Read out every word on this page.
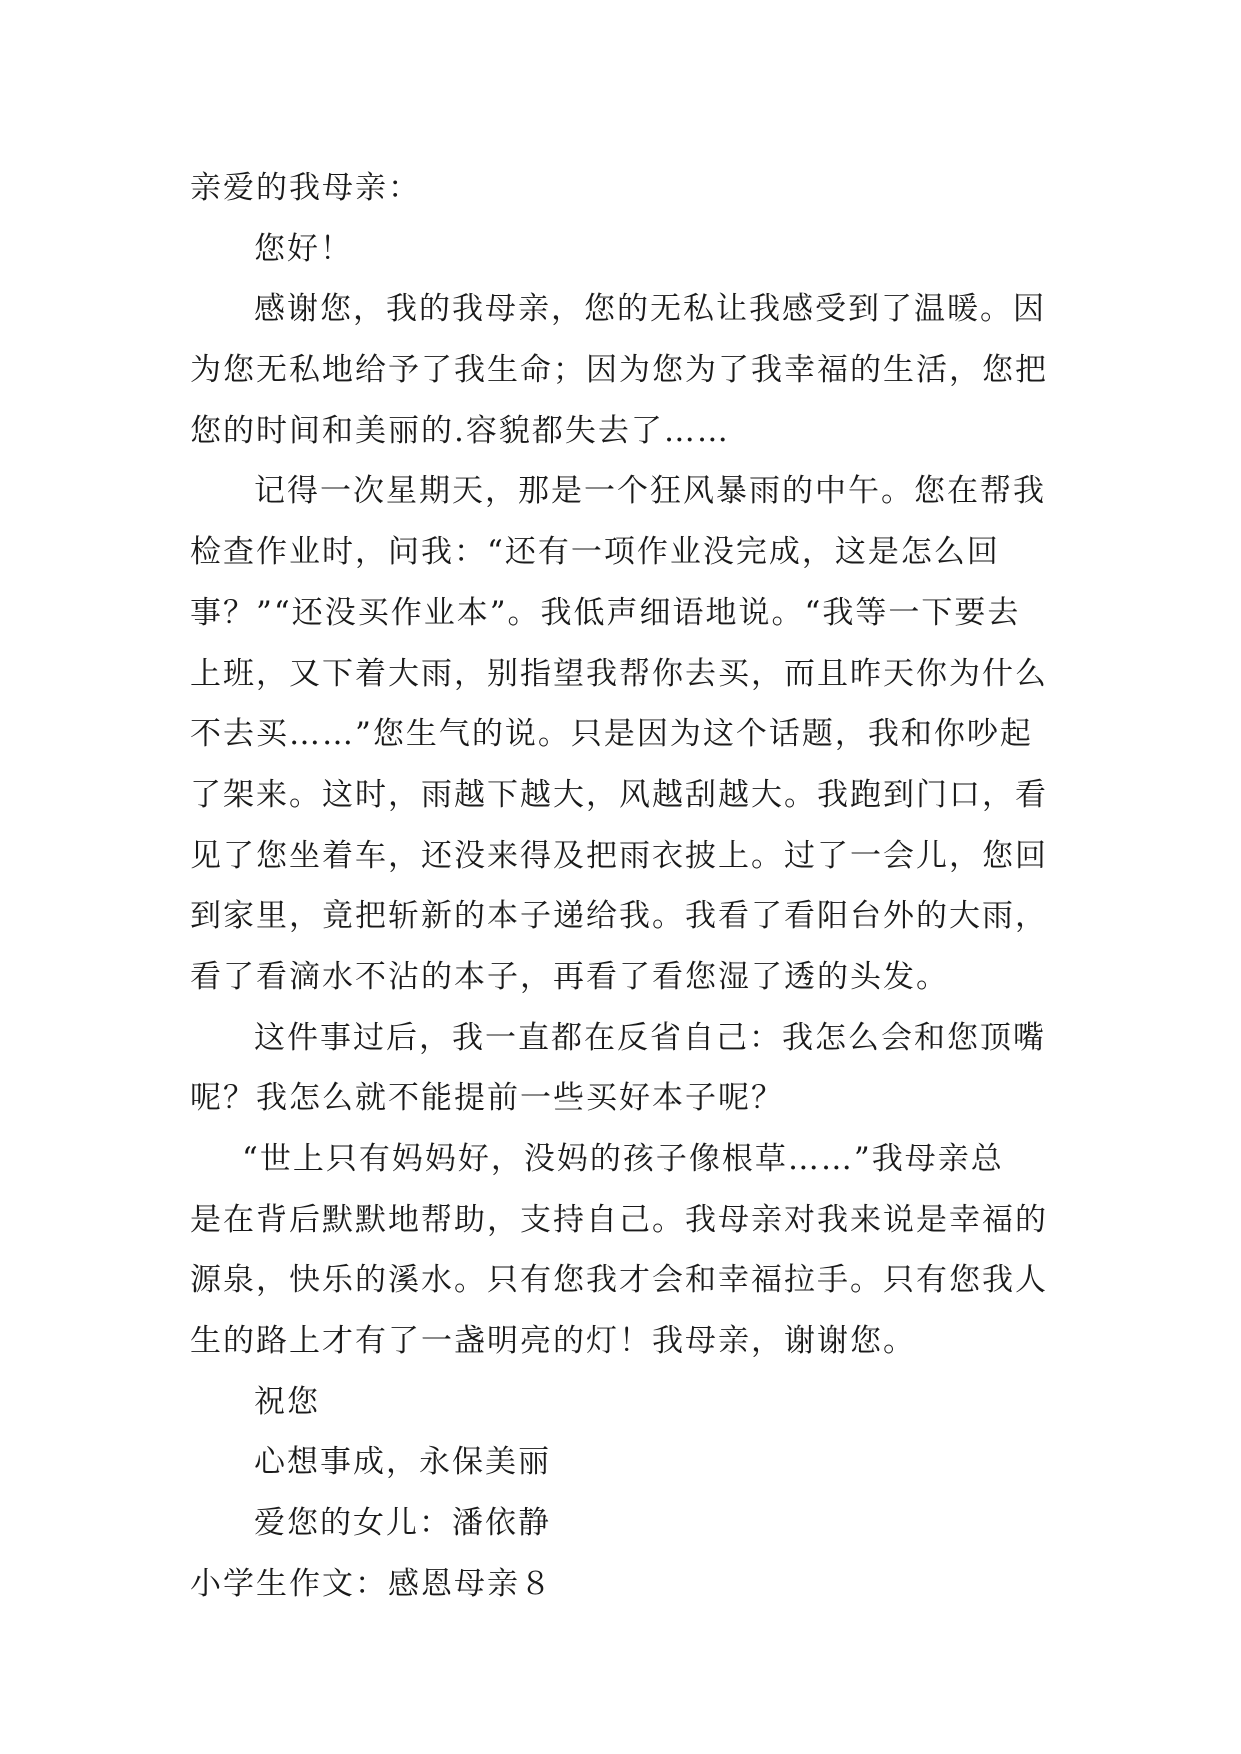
亲爱的我母亲：
您好！
感谢您，我的我母亲，您的无私让我感受到了温暖。因
为您无私地给予了我生命；因为您为了我幸福的生活，您把
您的时间和美丽的.容貌都失去了……
记得一次星期天，那是一个狂风暴雨的中午。您在帮我
检查作业时，问我：“还有一项作业没完成，这是怎么回
事？”“还没买作业本”。我低声细语地说。“我等一下要去
上班，又下着大雨，别指望我帮你去买，而且昨天你为什么
不去买……”您生气的说。只是因为这个话题，我和你吵起
了架来。这时，雨越下越大，风越刮越大。我跑到门口，看
见了您坐着车，还没来得及把雨衣披上。过了一会儿，您回
到家里，竟把斩新的本子递给我。我看了看阳台外的大雨，
看了看滴水不沾的本子，再看了看您湿了透的头发。
这件事过后，我一直都在反省自己：我怎么会和您顶嘴
呢？我怎么就不能提前一些买好本子呢？
“世上只有妈妈好，没妈的孩子像根草……”我母亲总
是在背后默默地帮助，支持自己。我母亲对我来说是幸福的
源泉，快乐的溪水。只有您我才会和幸福拉手。只有您我人
生的路上才有了一盏明亮的灯！我母亲，谢谢您。
祝您
心想事成，永保美丽
爱您的女儿：潘依静
小学生作文：感恩母亲８
